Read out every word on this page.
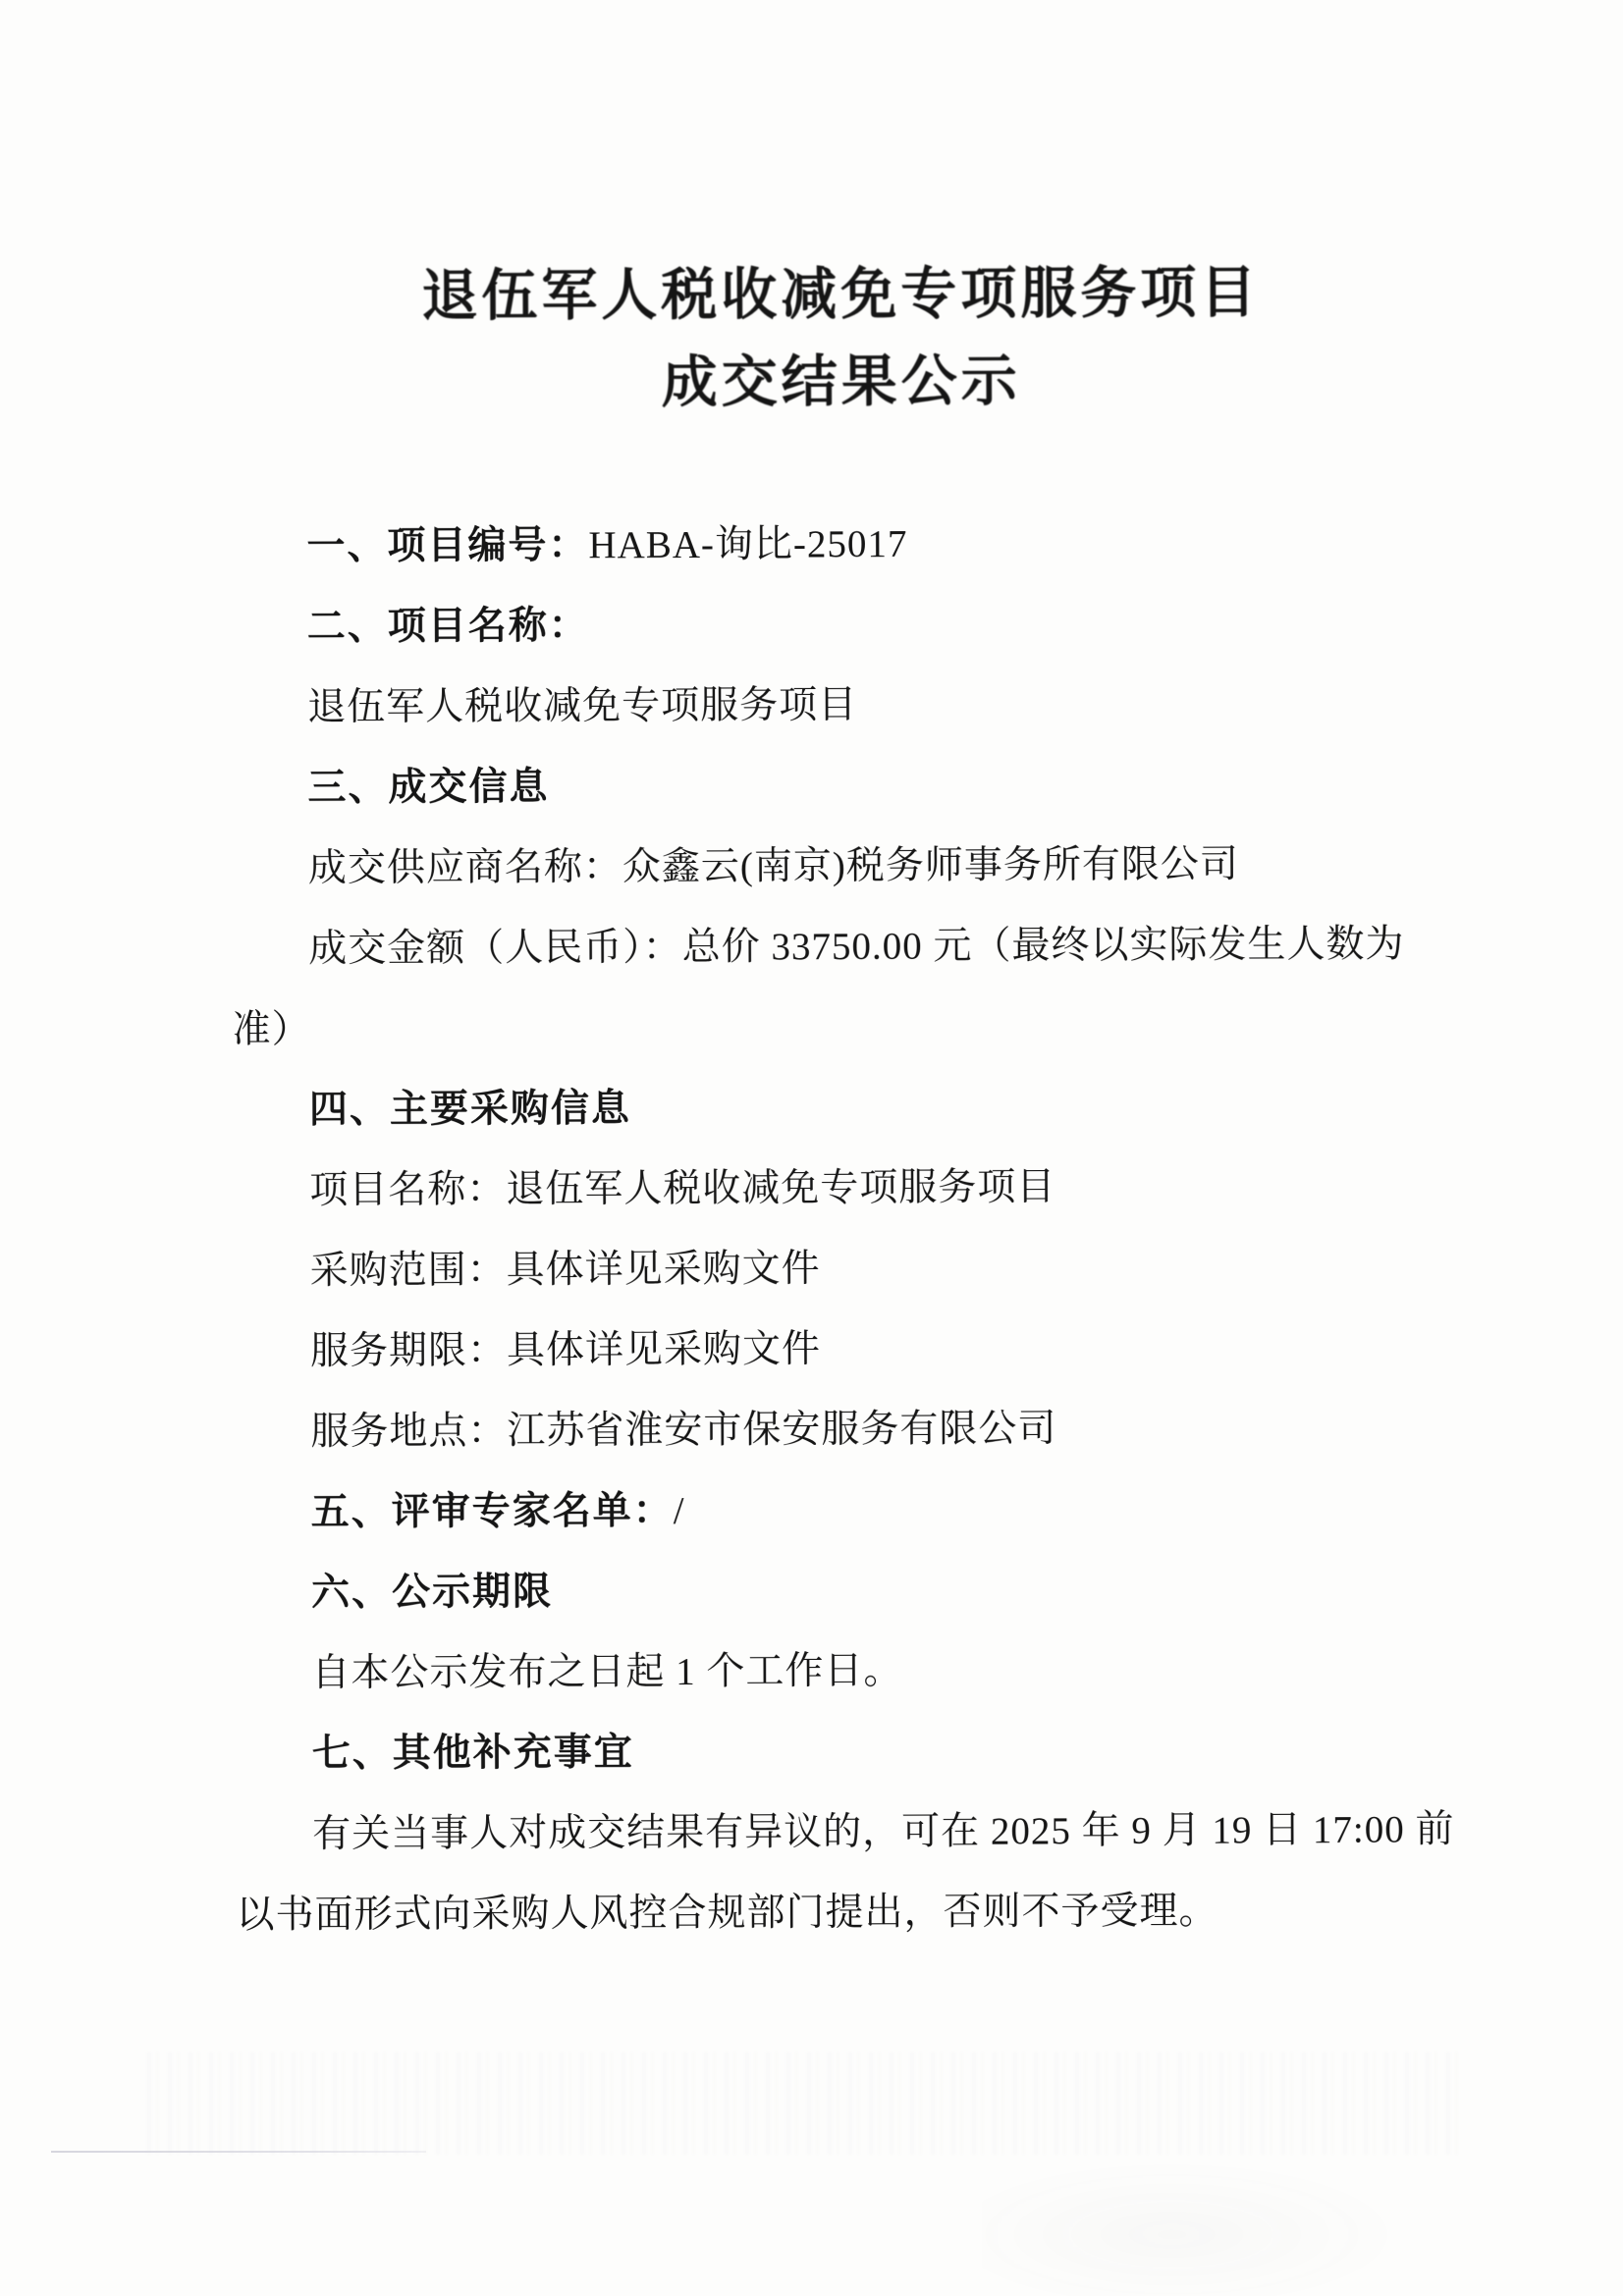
退伍军人税收减免专项服务项目
成交结果公示

一、项目编号：HABA-询比-25017

二、项目名称：

退伍军人税收减免专项服务项目

三、成交信息

成交供应商名称：众鑫云(南京)税务师事务所有限公司

成交金额（人民币）：总价 33750.00 元（最终以实际发生人数为准）

四、主要采购信息

项目名称：退伍军人税收减免专项服务项目

采购范围：具体详见采购文件

服务期限：具体详见采购文件

服务地点：江苏省淮安市保安服务有限公司

五、评审专家名单：/

六、公示期限

自本公示发布之日起 1 个工作日。

七、其他补充事宜

有关当事人对成交结果有异议的，可在 2025 年 9 月 19 日 17:00 前以书面形式向采购人风控合规部门提出，否则不予受理。
